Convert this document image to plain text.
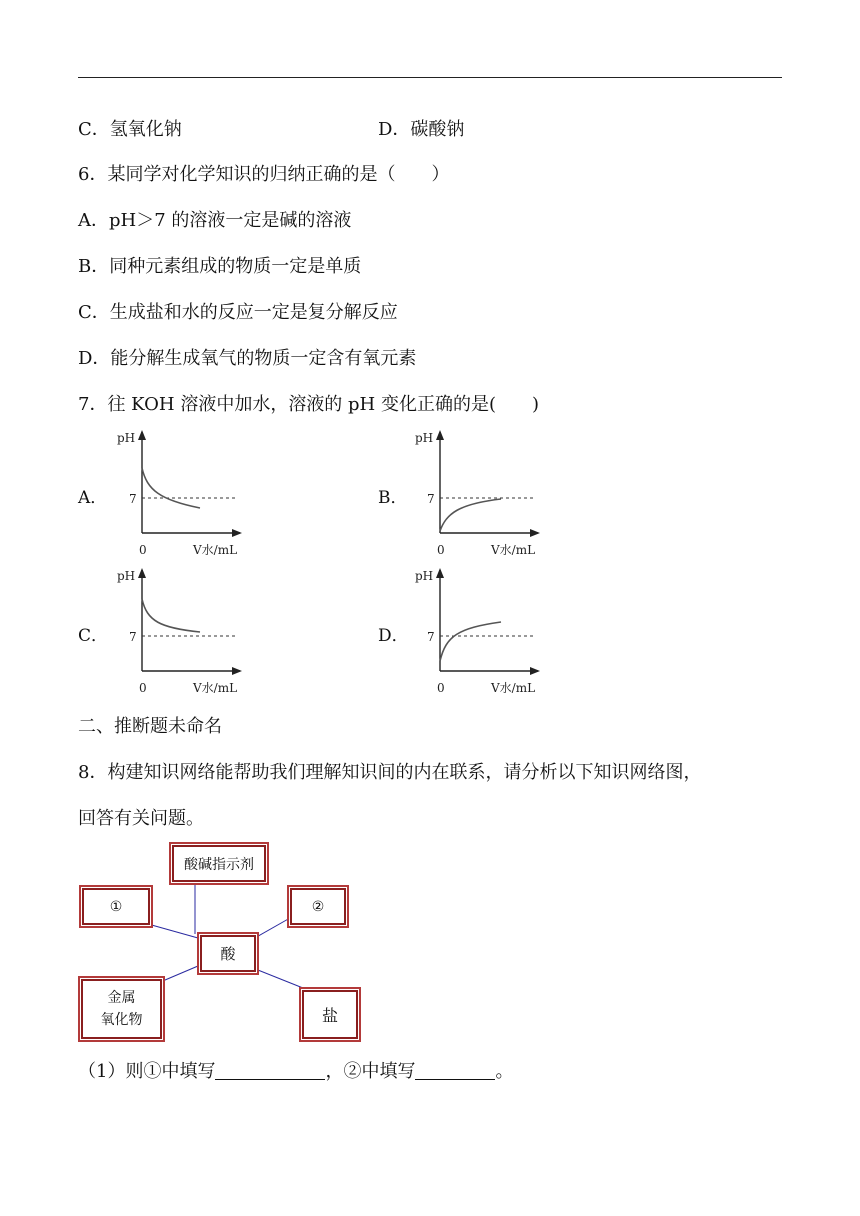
C．氢氧化钠	D．碳酸钠
6．某同学对化学知识的归纳正确的是（　　）
A．pH＞7 的溶液一定是碱的溶液
B．同种元素组成的物质一定是单质
C．生成盐和水的反应一定是复分解反应
D．能分解生成氧气的物质一定含有氧元素
7．往 KOH 溶液中加水，溶液的 pH 变化正确的是(　　)
A．	B．
C．	D．
pH
7
0	V水/mL
pH
7
0	V水/mL
pH
7
0	V水/mL
pH
7
0	V水/mL
二、推断题未命名
8．构建知识网络能帮助我们理解知识间的内在联系，请分析以下知识网络图，
回答有关问题。
酸碱指示剂
①	②
酸
金属
氧化物	盐
（1）则①中填写	，②中填写	。
